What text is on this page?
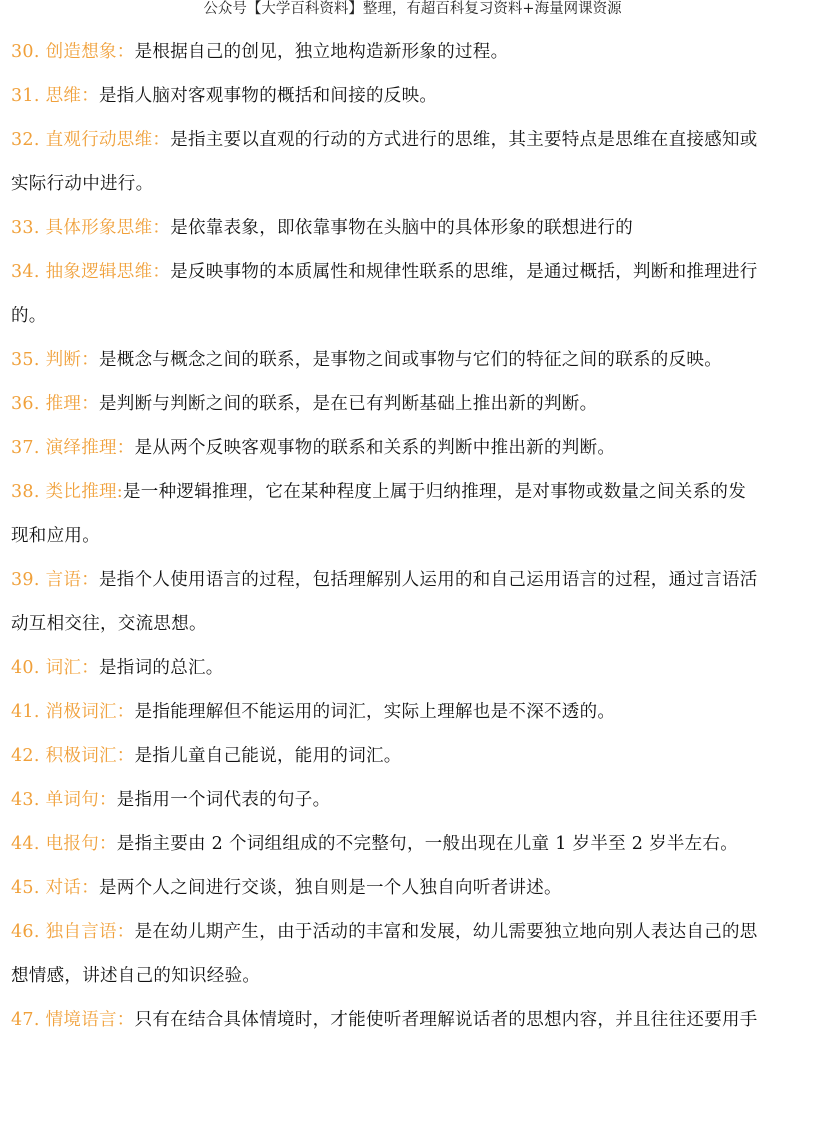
公众号【大学百科资料】整理，有超百科复习资料+海量网课资源
30. 创造想象：是根据自己的创见，独立地构造新形象的过程。
31. 思维：是指人脑对客观事物的概括和间接的反映。
32. 直观行动思维：是指主要以直观的行动的方式进行的思维，其主要特点是思维在直接感知或
实际行动中进行。
33. 具体形象思维：是依靠表象，即依靠事物在头脑中的具体形象的联想进行的
34. 抽象逻辑思维：是反映事物的本质属性和规律性联系的思维，是通过概括，判断和推理进行
的。
35. 判断：是概念与概念之间的联系，是事物之间或事物与它们的特征之间的联系的反映。
36. 推理：是判断与判断之间的联系，是在已有判断基础上推出新的判断。
37. 演绎推理：是从两个反映客观事物的联系和关系的判断中推出新的判断。
38. 类比推理:是一种逻辑推理，它在某种程度上属于归纳推理，是对事物或数量之间关系的发
现和应用。
39. 言语：是指个人使用语言的过程，包括理解别人运用的和自己运用语言的过程，通过言语活
动互相交往，交流思想。
40. 词汇：是指词的总汇。
41. 消极词汇：是指能理解但不能运用的词汇，实际上理解也是不深不透的。
42. 积极词汇：是指儿童自己能说，能用的词汇。
43. 单词句：是指用一个词代表的句子。
44. 电报句：是指主要由 2 个词组组成的不完整句，一般出现在儿童 1 岁半至 2 岁半左右。
45. 对话：是两个人之间进行交谈，独自则是一个人独自向听者讲述。
46. 独自言语：是在幼儿期产生，由于活动的丰富和发展，幼儿需要独立地向别人表达自己的思
想情感，讲述自己的知识经验。
47. 情境语言：只有在结合具体情境时，才能使听者理解说话者的思想内容，并且往往还要用手
